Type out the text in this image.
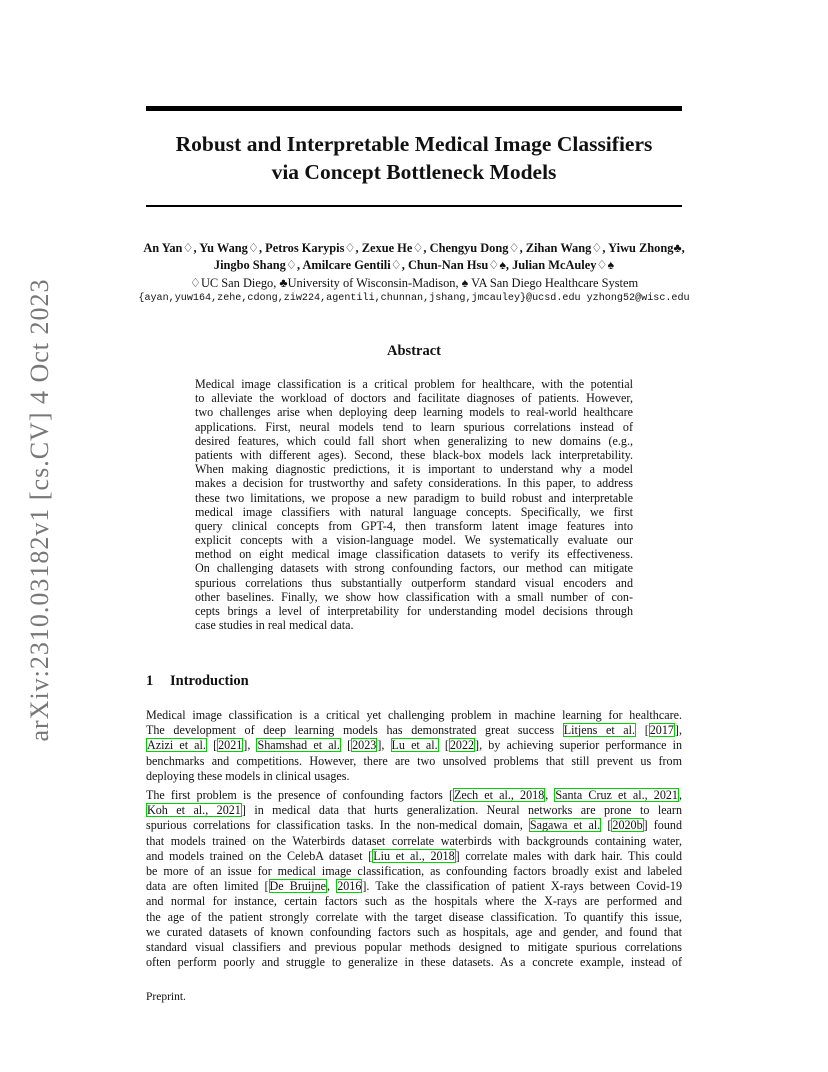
arXiv:2310.03182v1 [cs.CV] 4 Oct 2023
Robust and Interpretable Medical Image Classifiers
via Concept Bottleneck Models
An Yan♢, Yu Wang♢, Petros Karypis♢, Zexue He♢, Chengyu Dong♢, Zihan Wang♢, Yiwu Zhong♣,
Jingbo Shang♢, Amilcare Gentili♢, Chun-Nan Hsu♢♠, Julian McAuley♢♠
♢UC San Diego, ♣University of Wisconsin-Madison, ♠ VA San Diego Healthcare System
{ayan,yuw164,zehe,cdong,ziw224,agentili,chunnan,jshang,jmcauley}@ucsd.edu yzhong52@wisc.edu
Abstract
Medical image classification is a critical problem for healthcare, with the potential
to alleviate the workload of doctors and facilitate diagnoses of patients. However,
two challenges arise when deploying deep learning models to real-world healthcare
applications. First, neural models tend to learn spurious correlations instead of
desired features, which could fall short when generalizing to new domains (e.g.,
patients with different ages). Second, these black-box models lack interpretability.
When making diagnostic predictions, it is important to understand why a model
makes a decision for trustworthy and safety considerations. In this paper, to address
these two limitations, we propose a new paradigm to build robust and interpretable
medical image classifiers with natural language concepts. Specifically, we first
query clinical concepts from GPT-4, then transform latent image features into
explicit concepts with a vision-language model. We systematically evaluate our
method on eight medical image classification datasets to verify its effectiveness.
On challenging datasets with strong confounding factors, our method can mitigate
spurious correlations thus substantially outperform standard visual encoders and
other baselines. Finally, we show how classification with a small number of con-
cepts brings a level of interpretability for understanding model decisions through
case studies in real medical data.
1 Introduction
Medical image classification is a critical yet challenging problem in machine learning for healthcare.
The development of deep learning models has demonstrated great success Litjens et al. [2017],
Azizi et al. [2021], Shamshad et al. [2023], Lu et al. [2022], by achieving superior performance in
benchmarks and competitions. However, there are two unsolved problems that still prevent us from
deploying these models in clinical usages.
The first problem is the presence of confounding factors [Zech et al., 2018, Santa Cruz et al., 2021,
Koh et al., 2021] in medical data that hurts generalization. Neural networks are prone to learn
spurious correlations for classification tasks. In the non-medical domain, Sagawa et al. [2020b] found
that models trained on the Waterbirds dataset correlate waterbirds with backgrounds containing water,
and models trained on the CelebA dataset [Liu et al., 2018] correlate males with dark hair. This could
be more of an issue for medical image classification, as confounding factors broadly exist and labeled
data are often limited [De Bruijne, 2016]. Take the classification of patient X-rays between Covid-19
and normal for instance, certain factors such as the hospitals where the X-rays are performed and
the age of the patient strongly correlate with the target disease classification. To quantify this issue,
we curated datasets of known confounding factors such as hospitals, age and gender, and found that
standard visual classifiers and previous popular methods designed to mitigate spurious correlations
often perform poorly and struggle to generalize in these datasets. As a concrete example, instead of
Preprint.
